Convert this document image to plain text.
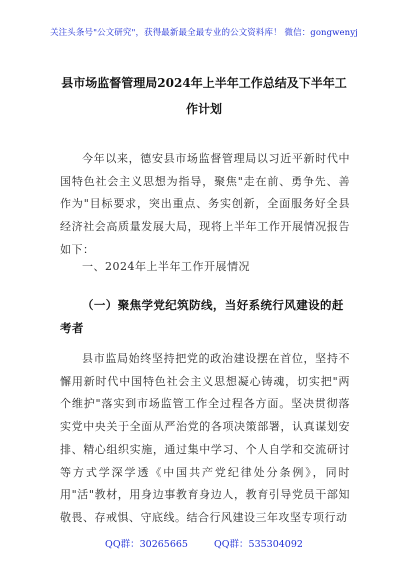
关注头条号"公文研究"，获得最新最全最专业的公文资料库！ 微信：gongwenyj
县市场监督管理局2024年上半年工作总结及下半年工作计划
今年以来，德安县市场监督管理局以习近平新时代中国特色社会主义思想为指导，聚焦"走在前、勇争先、善作为"目标要求，突出重点、务实创新，全面服务好全县经济社会高质量发展大局，现将上半年工作开展情况报告如下：
一、2024年上半年工作开展情况
（一）聚焦学党纪筑防线，当好系统行风建设的赶考者
县市监局始终坚持把党的政治建设摆在首位，坚持不懈用新时代中国特色社会主义思想凝心铸魂，切实把"两个维护"落实到市场监管工作全过程各方面。坚决贯彻落实党中央关于全面从严治党的各项决策部署，认真谋划安排、精心组织实施，通过集中学习、个人自学和交流研讨等方式学深学透《中国共产党纪律处分条例》，同时用"活"教材，用身边事教育身边人，教育引导党员干部知敬畏、存戒惧、守底线。结合行风建设三年攻坚专项行动
QQ群：30265665	QQ群：535304092
